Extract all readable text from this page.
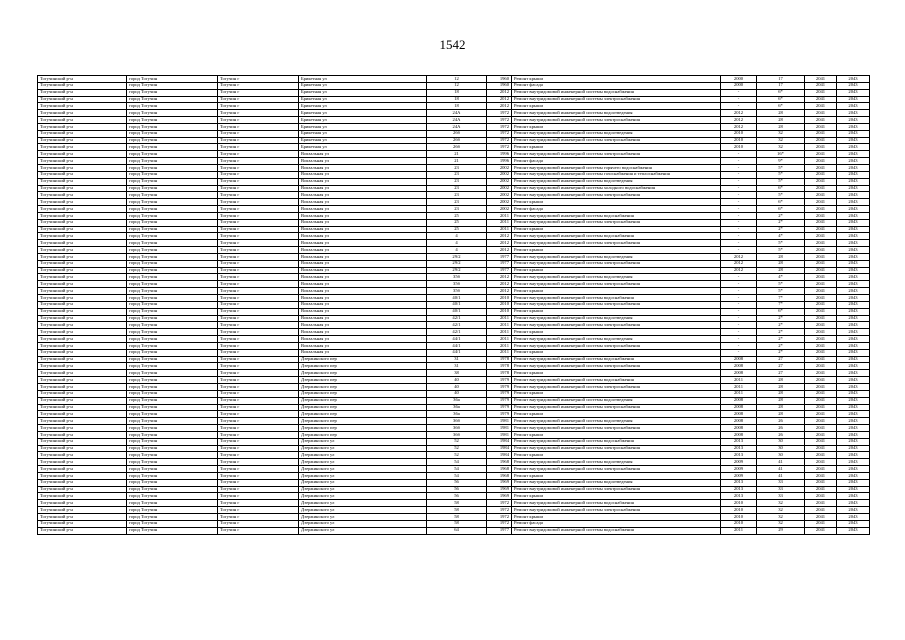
1542
Тогучинский р-н	город Тогучин	Тогучин г	Брикетная ул	12	1960	Ремонт крыши	2000	17	2041	2043
Тогучинский р-н	город Тогучин	Тогучин г	Брикетная ул	12	1960	Ремонт фасада	2000	17	2041	2043
Тогучинский р-н	город Тогучин	Тогучин г	Брикетная ул	18	2012	Ремонт внутридомовой инженерной системы водоснабжения	-	6*	2041	2043
Тогучинский р-н	город Тогучин	Тогучин г	Брикетная ул	18	2012	Ремонт внутридомовой инженерной системы электроснабжения	-	6*	2041	2043
Тогучинский р-н	город Тогучин	Тогучин г	Брикетная ул	18	2012	Ремонт крыши	-	6*	2041	2043
Тогучинский р-н	город Тогучин	Тогучин г	Брикетная ул	24А	1972	Ремонт внутридомовой инженерной системы водоотведения	2012	28	2041	2043
Тогучинский р-н	город Тогучин	Тогучин г	Брикетная ул	24А	1972	Ремонт внутридомовой инженерной системы электроснабжения	2012	28	2041	2043
Тогучинский р-н	город Тогучин	Тогучин г	Брикетная ул	24А	1972	Ремонт крыши	2012	28	2041	2043
Тогучинский р-н	город Тогучин	Тогучин г	Брикетная ул	26б	1972	Ремонт внутридомовой инженерной системы водоотведения	2010	32	2041	2043
Тогучинский р-н	город Тогучин	Тогучин г	Брикетная ул	26б	1972	Ремонт внутридомовой инженерной системы электроснабжения	2010	32	2041	2043
Тогучинский р-н	город Тогучин	Тогучин г	Брикетная ул	26б	1972	Ремонт крыши	2010	32	2041	2043
Тогучинский р-н	город Тогучин	Тогучин г	Вокзальная ул	21	1996	Ремонт внутридомовой инженерной системы электроснабжения	-	16*	2041	2043
Тогучинский р-н	город Тогучин	Тогучин г	Вокзальная ул	21	1996	Ремонт фасада	-	9*	2041	2043
Тогучинский р-н	город Тогучин	Тогучин г	Вокзальная ул	23	2002	Ремонт внутридомовой инженерной системы горячего водоснабжения	-	5*	2041	2043
Тогучинский р-н	город Тогучин	Тогучин г	Вокзальная ул	23	2002	Ремонт внутридомовой инженерной системы газоснабжения и теплоснабжения	-	5*	2041	2043
Тогучинский р-н	город Тогучин	Тогучин г	Вокзальная ул	23	2002	Ремонт внутридомовой инженерной системы водоотведения	-	5*	2041	2043
Тогучинский р-н	город Тогучин	Тогучин г	Вокзальная ул	23	2002	Ремонт внутридомовой инженерной системы холодного водоснабжения	-	6*	2041	2043
Тогучинский р-н	город Тогучин	Тогучин г	Вокзальная ул	23	2002	Ремонт внутридомовой инженерной системы электроснабжения	-	5*	2041	2043
Тогучинский р-н	город Тогучин	Тогучин г	Вокзальная ул	23	2002	Ремонт крыши	-	6*	2041	2043
Тогучинский р-н	город Тогучин	Тогучин г	Вокзальная ул	23	2002	Ремонт фасада	-	6*	2041	2043
Тогучинский р-н	город Тогучин	Тогучин г	Вокзальная ул	25	2011	Ремонт внутридомовой инженерной системы водоснабжения	-	2*	2041	2043
Тогучинский р-н	город Тогучин	Тогучин г	Вокзальная ул	25	2011	Ремонт внутридомовой инженерной системы электроснабжения	-	2*	2041	2043
Тогучинский р-н	город Тогучин	Тогучин г	Вокзальная ул	25	2011	Ремонт крыши	-	2*	2041	2043
Тогучинский р-н	город Тогучин	Тогучин г	Вокзальная ул	4	2012	Ремонт внутридомовой инженерной системы водоснабжения	-	4*	2041	2043
Тогучинский р-н	город Тогучин	Тогучин г	Вокзальная ул	4	2012	Ремонт внутридомовой инженерной системы электроснабжения	-	5*	2041	2043
Тогучинский р-н	город Тогучин	Тогучин г	Вокзальная ул	4	2012	Ремонт крыши	-	5*	2041	2043
Тогучинский р-н	город Тогучин	Тогучин г	Вокзальная ул	29/2	1977	Ремонт внутридомовой инженерной системы водоотведения	2012	28	2041	2043
Тогучинский р-н	город Тогучин	Тогучин г	Вокзальная ул	29/2	1977	Ремонт внутридомовой инженерной системы электроснабжения	2012	28	2041	2043
Тогучинский р-н	город Тогучин	Тогучин г	Вокзальная ул	29/2	1977	Ремонт крыши	2012	28	2041	2043
Тогучинский р-н	город Тогучин	Тогучин г	Вокзальная ул	35б	2012	Ремонт внутридомовой инженерной системы водоотведения	-	4*	2041	2043
Тогучинский р-н	город Тогучин	Тогучин г	Вокзальная ул	35б	2012	Ремонт внутридомовой инженерной системы электроснабжения	-	5*	2041	2043
Тогучинский р-н	город Тогучин	Тогучин г	Вокзальная ул	35б	2012	Ремонт крыши	-	5*	2041	2043
Тогучинский р-н	город Тогучин	Тогучин г	Вокзальная ул	40/1	2010	Ремонт внутридомовой инженерной системы водоснабжения	-	7*	2041	2043
Тогучинский р-н	город Тогучин	Тогучин г	Вокзальная ул	40/1	2010	Ремонт внутридомовой инженерной системы электроснабжения	-	7*	2041	2043
Тогучинский р-н	город Тогучин	Тогучин г	Вокзальная ул	40/1	2010	Ремонт крыши	-	6*	2041	2043
Тогучинский р-н	город Тогучин	Тогучин г	Вокзальная ул	42/1	2011	Ремонт внутридомовой инженерной системы водоотведения	-	2*	2041	2043
Тогучинский р-н	город Тогучин	Тогучин г	Вокзальная ул	42/1	2011	Ремонт внутридомовой инженерной системы электроснабжения	-	2*	2041	2043
Тогучинский р-н	город Тогучин	Тогучин г	Вокзальная ул	42/1	2011	Ремонт крыши	-	2*	2041	2043
Тогучинский р-н	город Тогучин	Тогучин г	Вокзальная ул	44/1	2011	Ремонт внутридомовой инженерной системы водоотведения	-	2*	2041	2043
Тогучинский р-н	город Тогучин	Тогучин г	Вокзальная ул	44/1	2011	Ремонт внутридомовой инженерной системы электроснабжения	-	2*	2041	2043
Тогучинский р-н	город Тогучин	Тогучин г	Вокзальная ул	44/1	2011	Ремонт крыши	-	2*	2041	2043
Тогучинский р-н	город Тогучин	Тогучин г	Дзержинского пер	31	1978	Ремонт внутридомовой инженерной системы водоснабжения	2008	27	2041	2043
Тогучинский р-н	город Тогучин	Тогучин г	Дзержинского пер	31	1978	Ремонт внутридомовой инженерной системы электроснабжения	2008	27	2041	2043
Тогучинский р-н	город Тогучин	Тогучин г	Дзержинского пер	38	1978	Ремонт крыши	2008	27	2041	2043
Тогучинский р-н	город Тогучин	Тогучин г	Дзержинского пер	40	1979	Ремонт внутридомовой инженерной системы водоснабжения	2011	28	2041	2043
Тогучинский р-н	город Тогучин	Тогучин г	Дзержинского пер	40	1979	Ремонт внутридомовой инженерной системы электроснабжения	2011	28	2041	2043
Тогучинский р-н	город Тогучин	Тогучин г	Дзержинского пер	40	1979	Ремонт крыши	2011	28	2041	2043
Тогучинский р-н	город Тогучин	Тогучин г	Дзержинского пер	36а	1979	Ремонт внутридомовой инженерной системы водоотведения	2008	28	2041	2043
Тогучинский р-н	город Тогучин	Тогучин г	Дзержинского пер	36а	1979	Ремонт внутридомовой инженерной системы электроснабжения	2008	28	2041	2043
Тогучинский р-н	город Тогучин	Тогучин г	Дзержинского пер	36а	1979	Ремонт крыши	2008	28	2041	2043
Тогучинский р-н	город Тогучин	Тогучин г	Дзержинского пер	36б	1981	Ремонт внутридомовой инженерной системы водоотведения	2008	26	2041	2043
Тогучинский р-н	город Тогучин	Тогучин г	Дзержинского пер	36б	1981	Ремонт внутридомовой инженерной системы электроснабжения	2008	26	2041	2043
Тогучинский р-н	город Тогучин	Тогучин г	Дзержинского пер	36б	1981	Ремонт крыши	2008	26	2041	2043
Тогучинский р-н	город Тогучин	Тогучин г	Дзержинского ул	52	1984	Ремонт внутридомовой инженерной системы водоснабжения	2013	30	2041	2043
Тогучинский р-н	город Тогучин	Тогучин г	Дзержинского ул	52	1984	Ремонт внутридомовой инженерной системы электроснабжения	2013	30	2041	2043
Тогучинский р-н	город Тогучин	Тогучин г	Дзержинского ул	52	1984	Ремонт крыши	2013	30	2041	2043
Тогучинский р-н	город Тогучин	Тогучин г	Дзержинского ул	54	1968	Ремонт внутридомовой инженерной системы водоотведения	2009	41	2041	2043
Тогучинский р-н	город Тогучин	Тогучин г	Дзержинского ул	54	1968	Ремонт внутридомовой инженерной системы электроснабжения	2009	41	2041	2043
Тогучинский р-н	город Тогучин	Тогучин г	Дзержинского ул	54	1968	Ремонт крыши	2009	41	2041	2043
Тогучинский р-н	город Тогучин	Тогучин г	Дзержинского ул	56	1969	Ремонт внутридомовой инженерной системы водоотведения	2013	33	2041	2043
Тогучинский р-н	город Тогучин	Тогучин г	Дзержинского ул	56	1969	Ремонт внутридомовой инженерной системы электроснабжения	2013	33	2041	2043
Тогучинский р-н	город Тогучин	Тогучин г	Дзержинского ул	56	1969	Ремонт крыши	2013	33	2041	2043
Тогучинский р-н	город Тогучин	Тогучин г	Дзержинского ул	58	1972	Ремонт внутридомовой инженерной системы водоснабжения	2010	32	2041	2043
Тогучинский р-н	город Тогучин	Тогучин г	Дзержинского ул	58	1972	Ремонт внутридомовой инженерной системы электроснабжения	2010	32	2041	2043
Тогучинский р-н	город Тогучин	Тогучин г	Дзержинского ул	58	1972	Ремонт крыши	2010	32	2041	2043
Тогучинский р-н	город Тогучин	Тогучин г	Дзержинского ул	58	1972	Ремонт фасада	2010	32	2041	2043
Тогучинский р-н	город Тогучин	Тогучин г	Дзержинского ул	64	1977	Ремонт внутридомовой инженерной системы водоснабжения	2011	29	2041	2043
